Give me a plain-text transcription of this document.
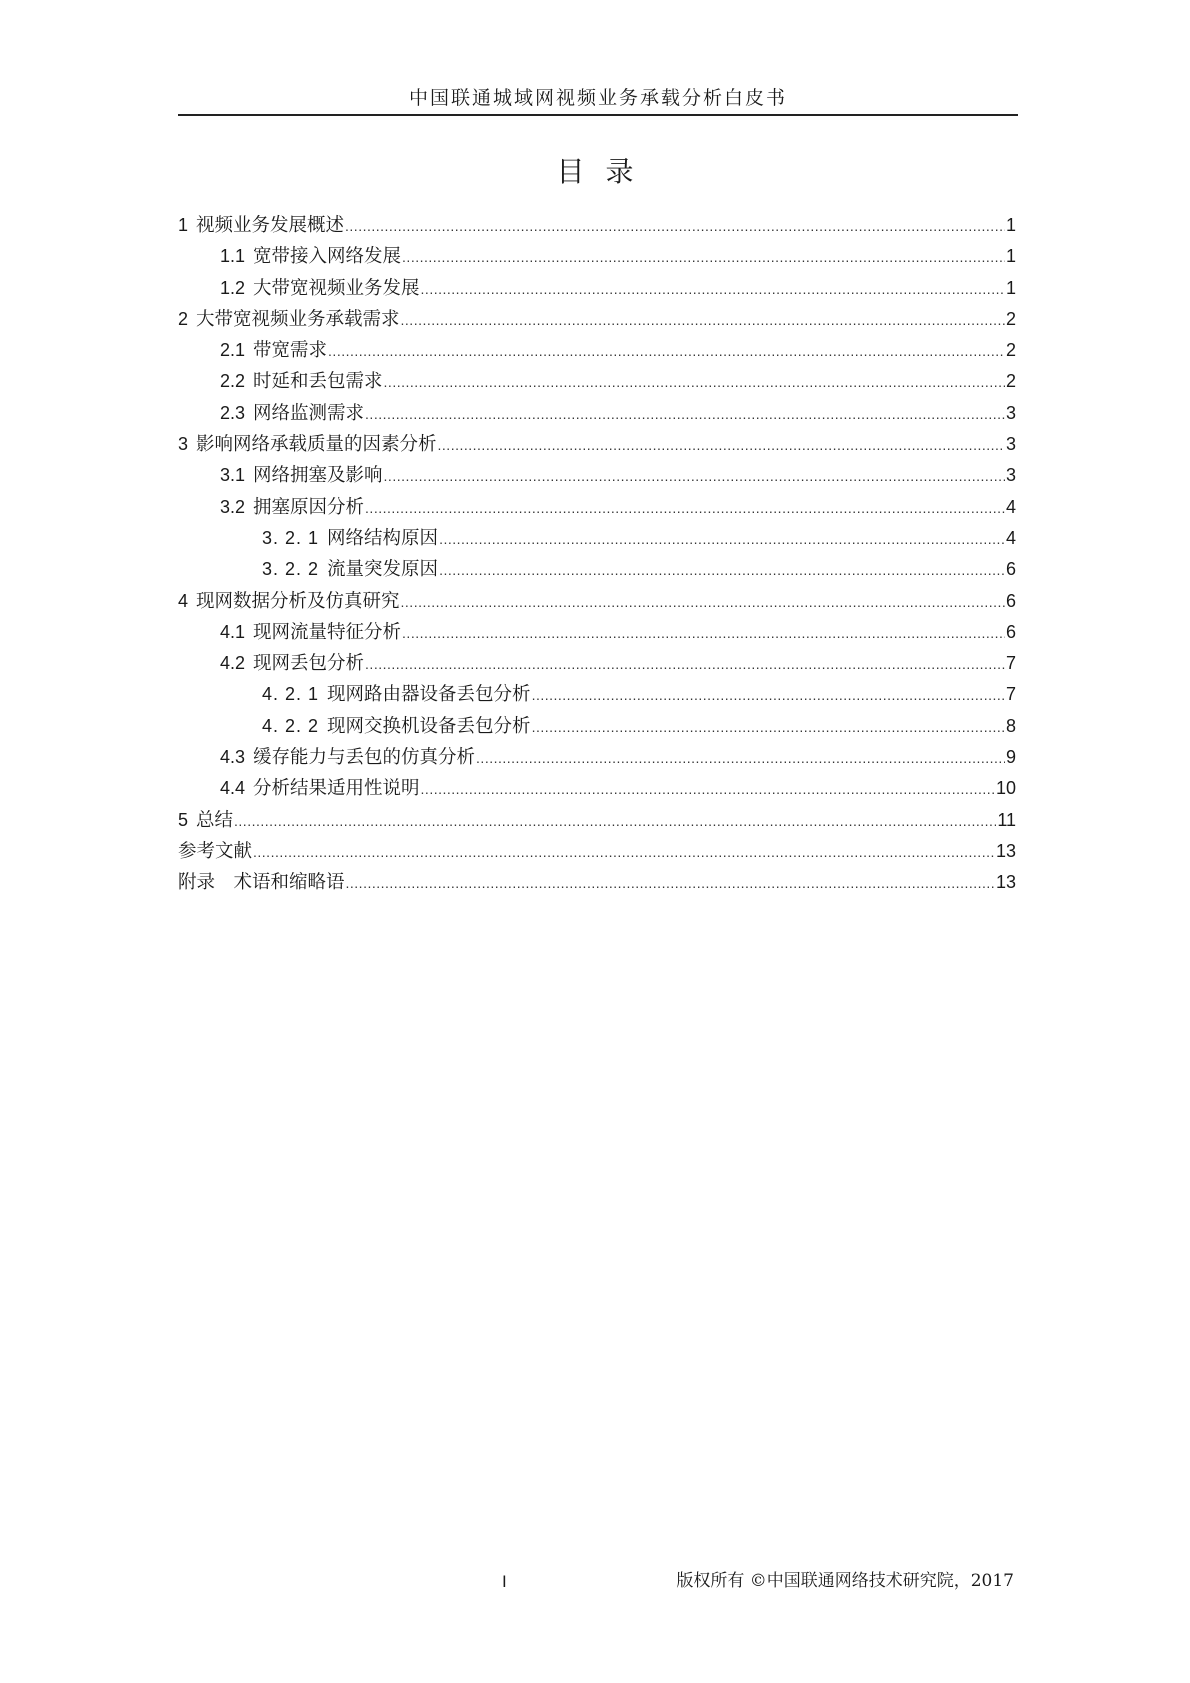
中国联通城域网视频业务承载分析白皮书
目 录
1 视频业务发展概述 .....	1
1.1 宽带接入网络发展 .....	1
1.2 大带宽视频业务发展 .....	1
2 大带宽视频业务承载需求 .....	2
2.1 带宽需求 .....	2
2.2 时延和丢包需求 .....	2
2.3 网络监测需求 .....	3
3 影响网络承载质量的因素分析 .....	3
3.1 网络拥塞及影响 .....	3
3.2 拥塞原因分析 .....	4
3. 2. 1 网络结构原因 .....	4
3. 2. 2 流量突发原因 .....	6
4 现网数据分析及仿真研究 .....	6
4.1 现网流量特征分析 .....	6
4.2 现网丢包分析 .....	7
4. 2. 1 现网路由器设备丢包分析 .....	7
4. 2. 2 现网交换机设备丢包分析 .....	8
4.3 缓存能力与丢包的仿真分析 .....	9
4.4 分析结果适用性说明 .....	10
5 总结 .....	11
参考文献 .....	13
附录　术语和缩略语 .....	13
I	版权所有 ©中国联通网络技术研究院，2017
